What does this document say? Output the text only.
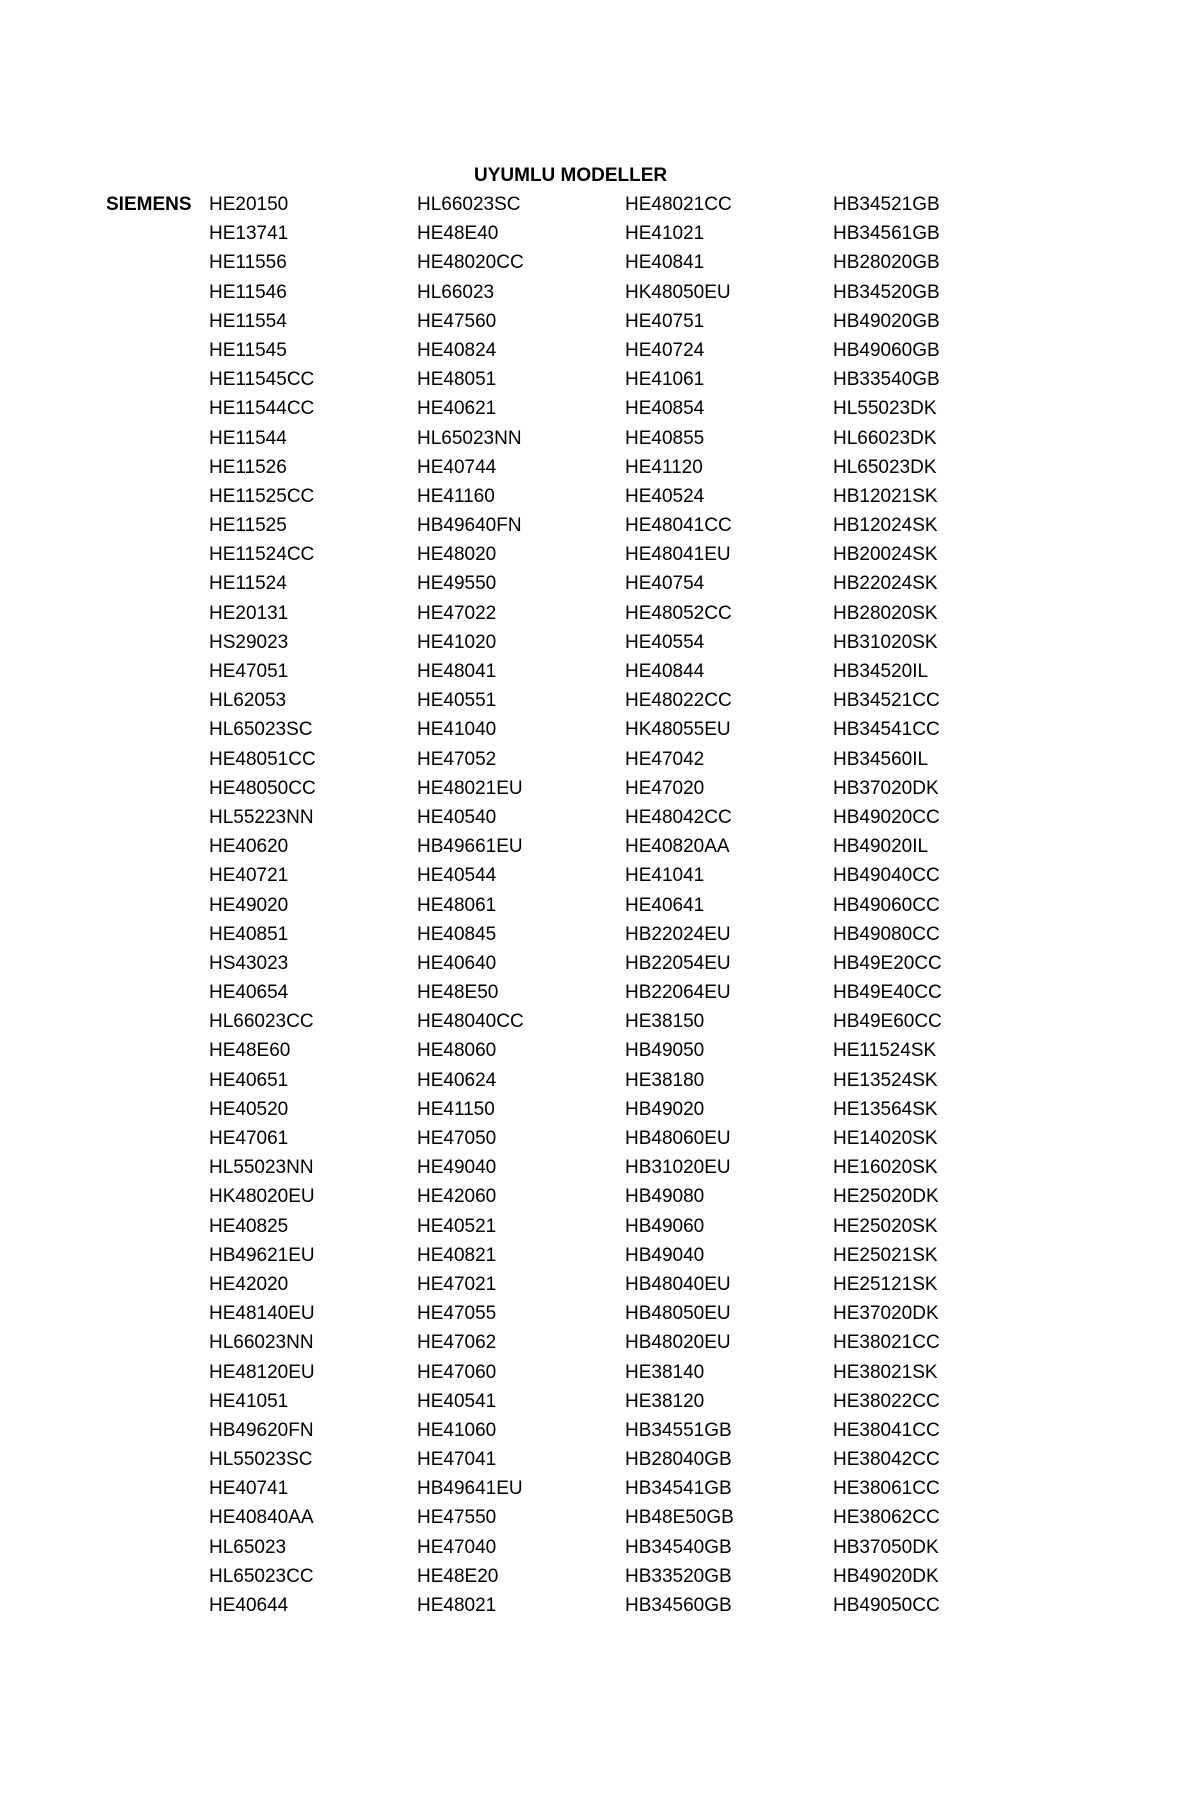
UYUMLU MODELLER
SIEMENS HE20150
HE13741
HE11556
HE11546
HE11554
HE11545
HE11545CC
HE11544CC
HE11544
HE11526
HE11525CC
HE11525
HE11524CC
HE11524
HE20131
HS29023
HE47051
HL62053
HL65023SC
HE48051CC
HE48050CC
HL55223NN
HE40620
HE40721
HE49020
HE40851
HS43023
HE40654
HL66023CC
HE48E60
HE40651
HE40520
HE47061
HL55023NN
HK48020EU
HE40825
HB49621EU
HE42020
HE48140EU
HL66023NN
HE48120EU
HE41051
HB49620FN
HL55023SC
HE40741
HE40840AA
HL65023
HL65023CC
HE40644
HL66023SC
HE48E40
HE48020CC
HL66023
HE47560
HE40824
HE48051
HE40621
HL65023NN
HE40744
HE41160
HB49640FN
HE48020
HE49550
HE47022
HE41020
HE48041
HE40551
HE41040
HE47052
HE48021EU
HE40540
HB49661EU
HE40544
HE48061
HE40845
HE40640
HE48E50
HE48040CC
HE48060
HE40624
HE41150
HE47050
HE49040
HE42060
HE40521
HE40821
HE47021
HE47055
HE47062
HE47060
HE40541
HE41060
HE47041
HB49641EU
HE47550
HE47040
HE48E20
HE48021
HE48021CC
HE41021
HE40841
HK48050EU
HE40751
HE40724
HE41061
HE40854
HE40855
HE41120
HE40524
HE48041CC
HE48041EU
HE40754
HE48052CC
HE40554
HE40844
HE48022CC
HK48055EU
HE47042
HE47020
HE48042CC
HE40820AA
HE41041
HE40641
HB22024EU
HB22054EU
HB22064EU
HE38150
HB49050
HE38180
HB49020
HB48060EU
HB31020EU
HB49080
HB49060
HB49040
HB48040EU
HB48050EU
HB48020EU
HE38140
HE38120
HB34551GB
HB28040GB
HB34541GB
HB48E50GB
HB34540GB
HB33520GB
HB34560GB
HB34521GB
HB34561GB
HB28020GB
HB34520GB
HB49020GB
HB49060GB
HB33540GB
HL55023DK
HL66023DK
HL65023DK
HB12021SK
HB12024SK
HB20024SK
HB22024SK
HB28020SK
HB31020SK
HB34520IL
HB34521CC
HB34541CC
HB34560IL
HB37020DK
HB49020CC
HB49020IL
HB49040CC
HB49060CC
HB49080CC
HB49E20CC
HB49E40CC
HB49E60CC
HE11524SK
HE13524SK
HE13564SK
HE14020SK
HE16020SK
HE25020DK
HE25020SK
HE25021SK
HE25121SK
HE37020DK
HE38021CC
HE38021SK
HE38022CC
HE38041CC
HE38042CC
HE38061CC
HE38062CC
HB37050DK
HB49020DK
HB49050CC
